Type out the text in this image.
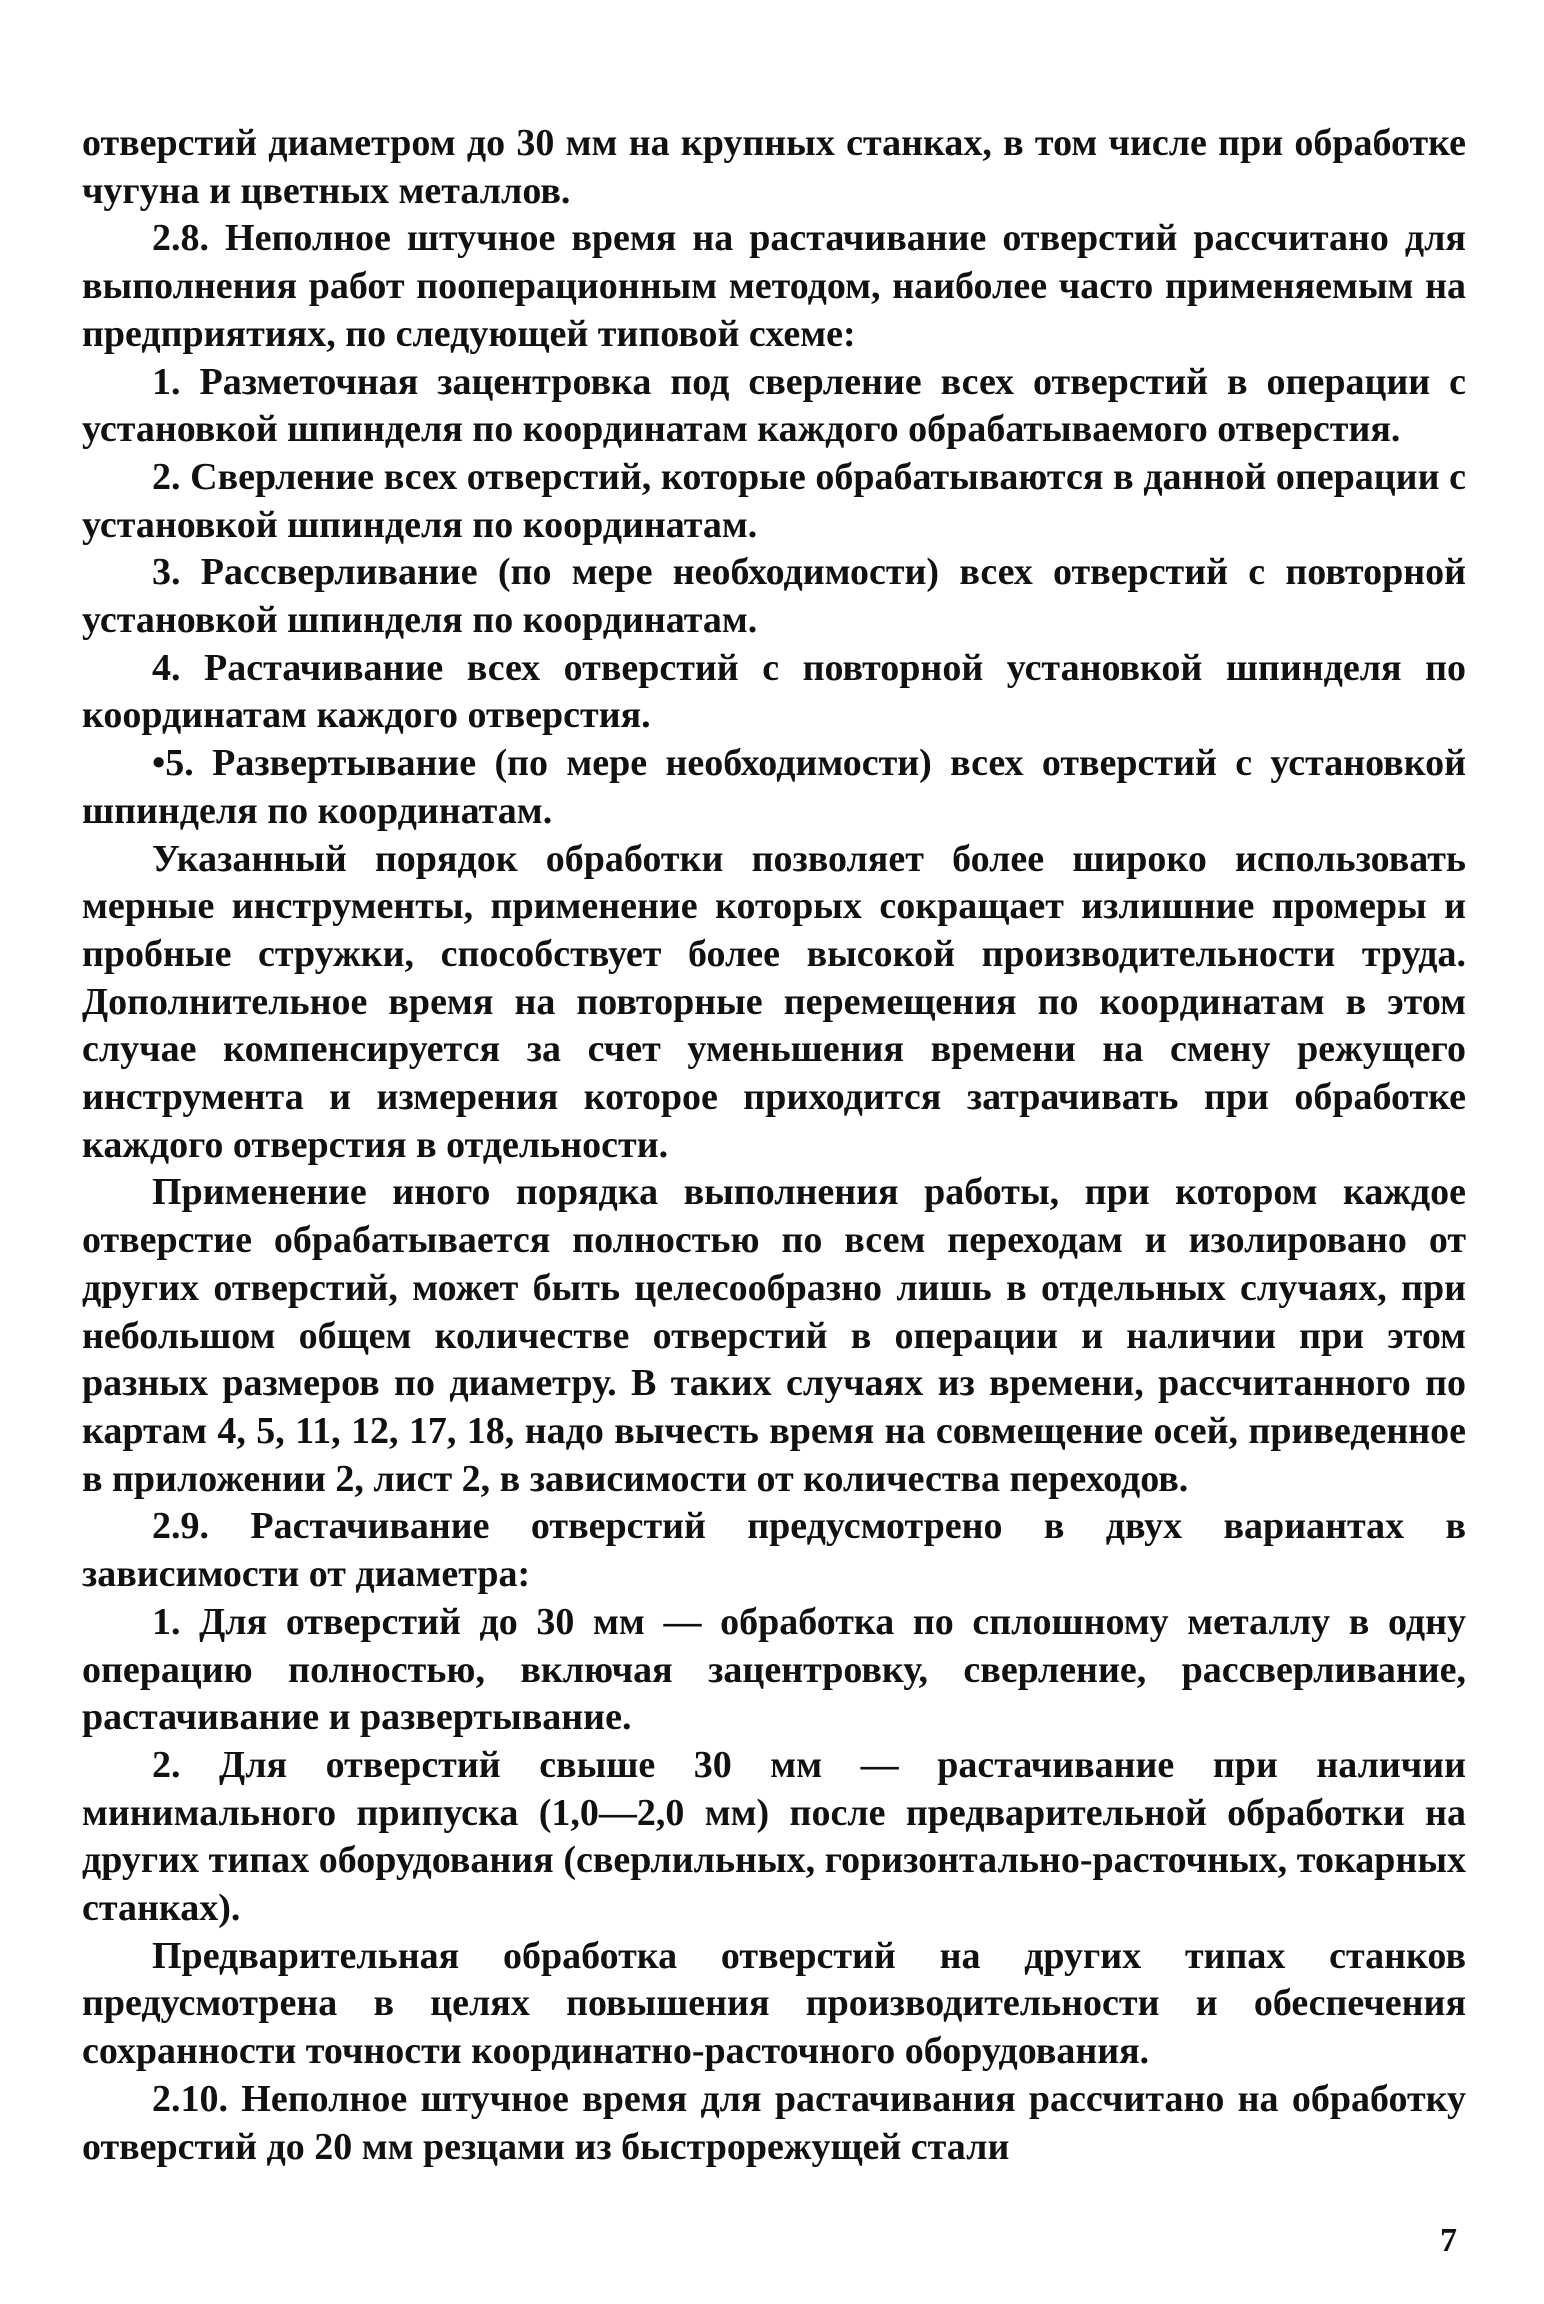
отверстий диаметром до 30 мм на крупных станках, в том числе при обработке чугуна и цветных металлов.

2.8. Неполное штучное время на растачивание отверстий рассчитано для выполнения работ пооперационным методом, наиболее часто применяемым на предприятиях, по следующей типовой схеме:

1. Разметочная зацентровка под сверление всех отверстий в операции с установкой шпинделя по координатам каждого обрабатываемого отверстия.

2. Сверление всех отверстий, которые обрабатываются в данной операции с установкой шпинделя по координатам.

3. Рассверливание (по мере необходимости) всех отверстий с повторной установкой шпинделя по координатам.

4. Растачивание всех отверстий с повторной установкой шпинделя по координатам каждого отверстия.

•5. Развертывание (по мере необходимости) всех отверстий с установкой шпинделя по координатам.

Указанный порядок обработки позволяет более широко использовать мерные инструменты, применение которых сокращает излишние промеры и пробные стружки, способствует более высокой производительности труда. Дополнительное время на повторные перемещения по координатам в этом случае компенсируется за счет уменьшения времени на смену режущего инструмента и измерения которое приходится затрачивать при обработке каждого отверстия в отдельности.

Применение иного порядка выполнения работы, при котором каждое отверстие обрабатывается полностью по всем переходам и изолировано от других отверстий, может быть целесообразно лишь в отдельных случаях, при небольшом общем количестве отверстий в операции и наличии при этом разных размеров по диаметру. В таких случаях из времени, рассчитанного по картам 4, 5, 11, 12, 17, 18, надо вычесть время на совмещение осей, приведенное в приложении 2, лист 2, в зависимости от количества переходов.

2.9. Растачивание отверстий предусмотрено в двух вариантах в зависимости от диаметра:

1. Для отверстий до 30 мм — обработка по сплошному металлу в одну операцию полностью, включая зацентровку, сверление, рассверливание, растачивание и развертывание.

2. Для отверстий свыше 30 мм — растачивание при наличии минимального припуска (1,0—2,0 мм) после предварительной обработки на других типах оборудования (сверлильных, горизонтально-расточных, токарных станках).

Предварительная обработка отверстий на других типах станков предусмотрена в целях повышения производительности и обеспечения сохранности точности координатно-расточного оборудования.

2.10. Неполное штучное время для растачивания рассчитано на обработку отверстий до 20 мм резцами из быстрорежущей стали

7
